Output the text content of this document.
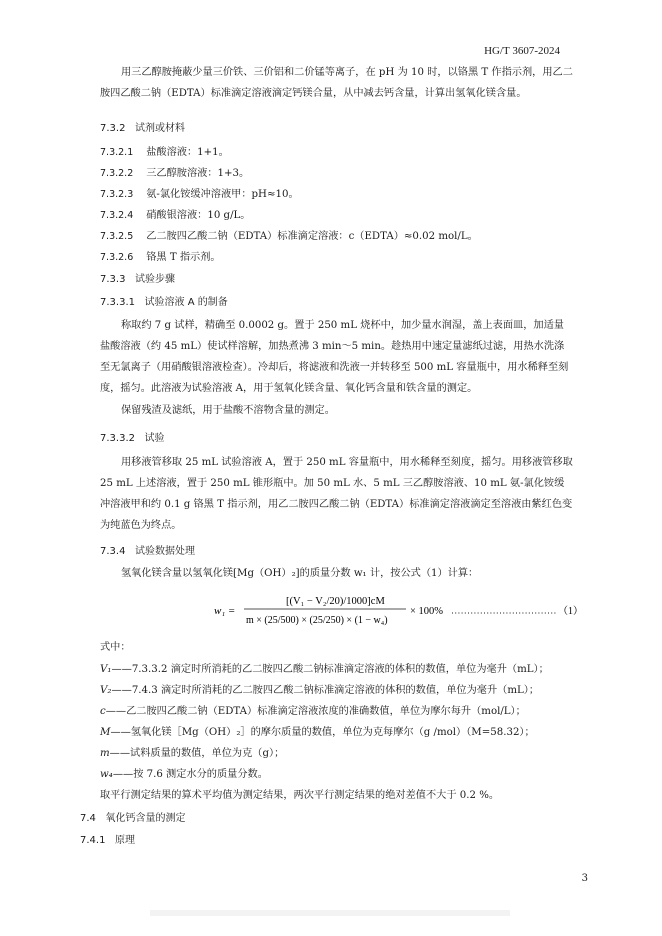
HG/T 3607-2024
用三乙醇胺掩蔽少量三价铁、三价铝和二价锰等离子，在 pH 为 10 时，以铬黑 T 作指示剂，用乙二胺四乙酸二钠（EDTA）标准滴定溶液滴定钙镁合量，从中减去钙含量，计算出氢氧化镁含量。
7.3.2 试剂或材料
7.3.2.1 盐酸溶液：1+1。
7.3.2.2 三乙醇胺溶液：1+3。
7.3.2.3 氨-氯化铵缓冲溶液甲：pH≈10。
7.3.2.4 硝酸银溶液：10 g/L。
7.3.2.5 乙二胺四乙酸二钠（EDTA）标准滴定溶液：c（EDTA）≈0.02 mol/L。
7.3.2.6 铬黑 T 指示剂。
7.3.3 试验步骤
7.3.3.1 试验溶液 A 的制备
称取约 7 g 试样，精确至 0.0002 g。置于 250 mL 烧杯中，加少量水润湿，盖上表面皿，加适量盐酸溶液（约 45 mL）使试样溶解，加热煮沸 3 min～5 min。趁热用中速定量滤纸过滤，用热水洗涤至无氯离子（用硝酸银溶液检查）。冷却后，将滤液和洗液一并转移至 500 mL 容量瓶中，用水稀释至刻度，摇匀。此溶液为试验溶液 A，用于氢氧化镁含量、氧化钙含量和铁含量的测定。
保留残渣及滤纸，用于盐酸不溶物含量的测定。
7.3.3.2 试验
用移液管移取 25 mL 试验溶液 A，置于 250 mL 容量瓶中，用水稀释至刻度，摇匀。用移液管移取 25 mL 上述溶液，置于 250 mL 锥形瓶中。加 50 mL 水、5 mL 三乙醇胺溶液、10 mL 氨-氯化铵缓冲溶液甲和约 0.1 g 铬黑 T 指示剂，用乙二胺四乙酸二钠（EDTA）标准滴定溶液滴定至溶液由紫红色变为纯蓝色为终点。
7.3.4 试验数据处理
氢氧化镁含量以氢氧化镁[Mg（OH）₂]的质量分数 w₁ 计，按公式（1）计算：
w₁ =
[(V₁ − V₂/20)/1000]cM
m × (25/500) × (25/250) × (1 − w₄)
× 100%	（1）
式中：
V₁——7.3.3.2 滴定时所消耗的乙二胺四乙酸二钠标准滴定溶液的体积的数值，单位为毫升（mL）；
V₂——7.4.3 滴定时所消耗的乙二胺四乙酸二钠标准滴定溶液的体积的数值，单位为毫升（mL）；
c——乙二胺四乙酸二钠（EDTA）标准滴定溶液浓度的准确数值，单位为摩尔每升（mol/L）；
M——氢氧化镁［Mg（OH）₂］的摩尔质量的数值，单位为克每摩尔（g /mol）（M=58.32）；
m——试料质量的数值，单位为克（g）；
w₄——按 7.6 测定水分的质量分数。
取平行测定结果的算术平均值为测定结果，两次平行测定结果的绝对差值不大于 0.2 %。
7.4 氧化钙含量的测定
7.4.1 原理
3
